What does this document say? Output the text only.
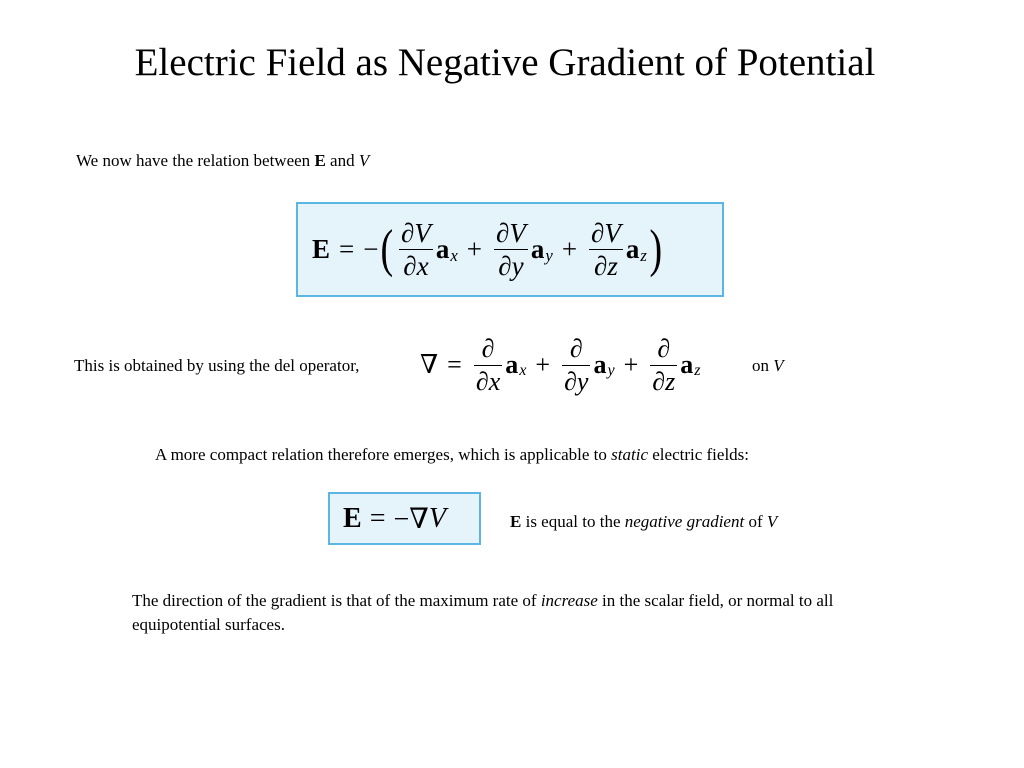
Electric Field as Negative Gradient of Potential
We now have the relation between E and V
E = − ( $\frac{\partial V}{\partial x}$ a $x + \frac{\partial V}{\partial y}$ a $y + \frac{\partial V}{\partial z}$ a z )
This is obtained by using the del operator, ∇ = $\frac{\partial}{\partial x}$ a $x + \frac{\partial}{\partial y}$ a $y + \frac{\partial}{\partial z}$ a z	on V
A more compact relation therefore emerges, which is applicable to static electric fields:
E = −∇ V	E is equal to the negative gradient of V
The direction of the gradient is that of the maximum rate of increase in the scalar field, or normal to all equipotential surfaces.
